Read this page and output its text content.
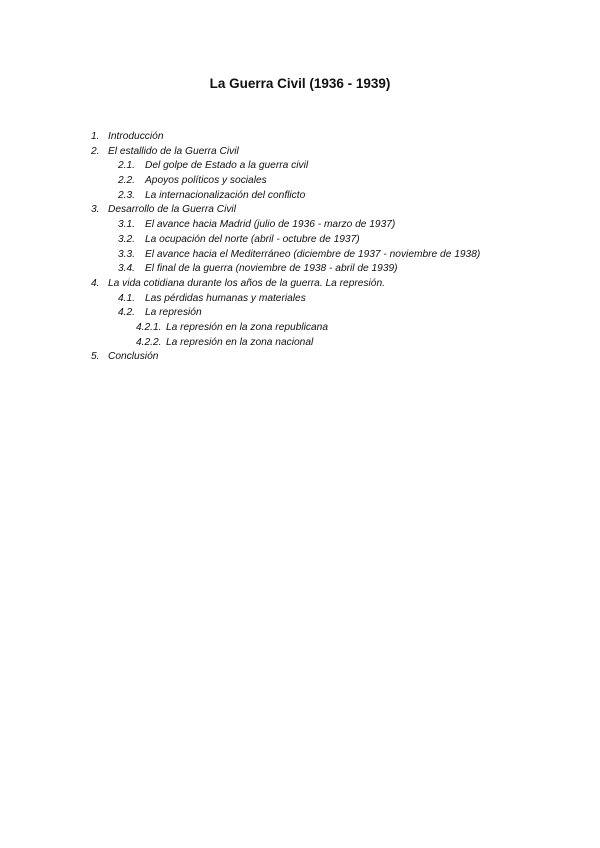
La Guerra Civil (1936 - 1939)
1. Introducción
2. El estallido de la Guerra Civil
2.1. Del golpe de Estado a la guerra civil
2.2. Apoyos políticos y sociales
2.3. La internacionalización del conflicto
3. Desarrollo de la Guerra Civil
3.1. El avance hacia Madrid (julio de 1936 - marzo de 1937)
3.2. La ocupación del norte (abril - octubre de 1937)
3.3. El avance hacia el Mediterráneo (diciembre de 1937 - noviembre de 1938)
3.4. El final de la guerra (noviembre de 1938 - abril de 1939)
4. La vida cotidiana durante los años de la guerra. La represión.
4.1. Las pérdidas humanas y materiales
4.2. La represión
4.2.1. La represión en la zona republicana
4.2.2. La represión en la zona nacional
5. Conclusión
